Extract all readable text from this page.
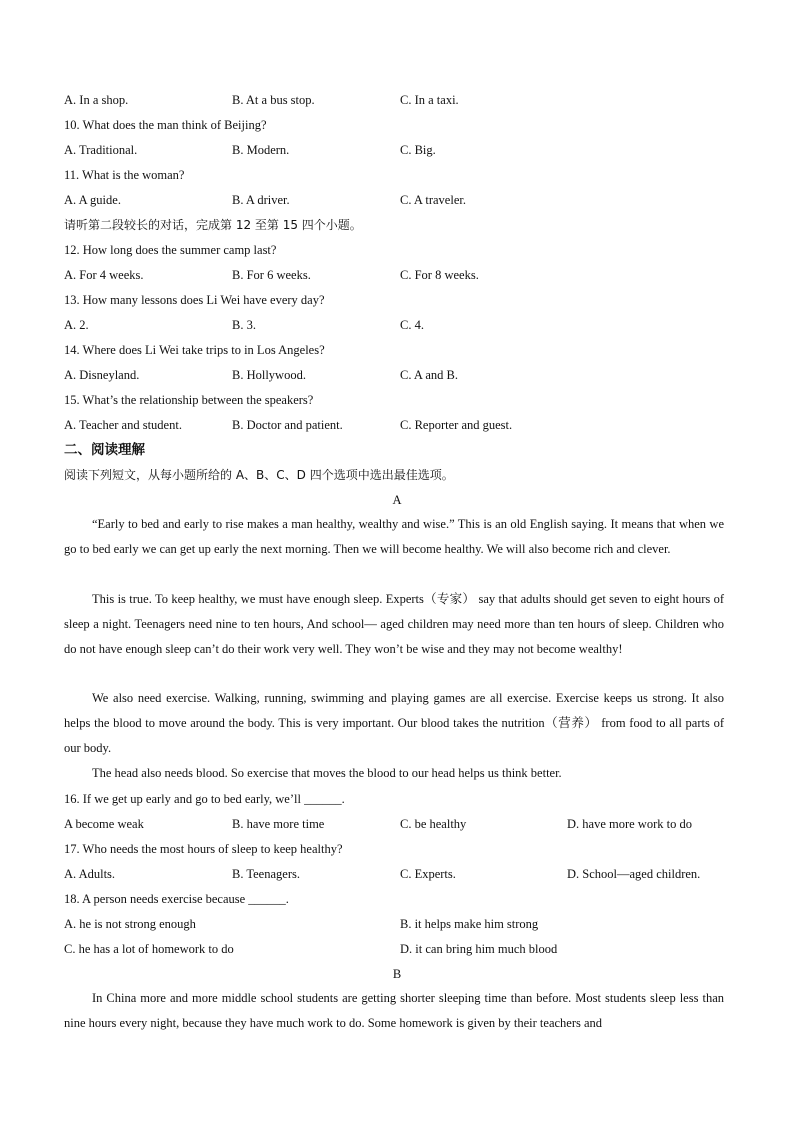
A. In a shop.	B. At a bus stop.	C. In a taxi.
10. What does the man think of Beijing?
A. Traditional.	B. Modern.	C. Big.
11. What is the woman?
A. A guide.	B. A driver.	C. A traveler.
请听第二段较长的对话，完成第 12 至第 15 四个小题。
12. How long does the summer camp last?
A. For 4 weeks.	B. For 6 weeks.	C. For 8 weeks.
13. How many lessons does Li Wei have every day?
A. 2.	B. 3.	C. 4.
14. Where does Li Wei take trips to in Los Angeles?
A. Disneyland.	B. Hollywood.	C. A and B.
15. What’s the relationship between the speakers?
A. Teacher and student.	B. Doctor and patient.	C. Reporter and guest.
二、阅读理解
阅读下列短文，从每小题所给的 A、B、C、D 四个选项中选出最佳选项。
A
“Early to bed and early to rise makes a man healthy, wealthy and wise.” This is an old English saying. It means that when we go to bed early we can get up early the next morning. Then we will become healthy. We will also become rich and clever.
This is true. To keep healthy, we must have enough sleep. Experts（专家） say that adults should get seven to eight hours of sleep a night. Teenagers need nine to ten hours, And school— aged children may need more than ten hours of sleep. Children who do not have enough sleep can’t do their work very well. They won’t be wise and they may not become wealthy!
We also need exercise. Walking, running, swimming and playing games are all exercise. Exercise keeps us strong. It also helps the blood to move around the body. This is very important. Our blood takes the nutrition（营养） from food to all parts of our body.
The head also needs blood. So exercise that moves the blood to our head helps us think better.
16. If we get up early and go to bed early, we’ll ______.
A become weak	B. have more time	C. be healthy	D. have more work to do
17. Who needs the most hours of sleep to keep healthy?
A. Adults.	B. Teenagers.	C. Experts.	D. School—aged children.
18. A person needs exercise because ______.
A. he is not strong enough	B. it helps make him strong
C. he has a lot of homework to do	D. it can bring him much blood
B
In China more and more middle school students are getting shorter sleeping time than before. Most students sleep less than nine hours every night, because they have much work to do. Some homework is given by their teachers and
